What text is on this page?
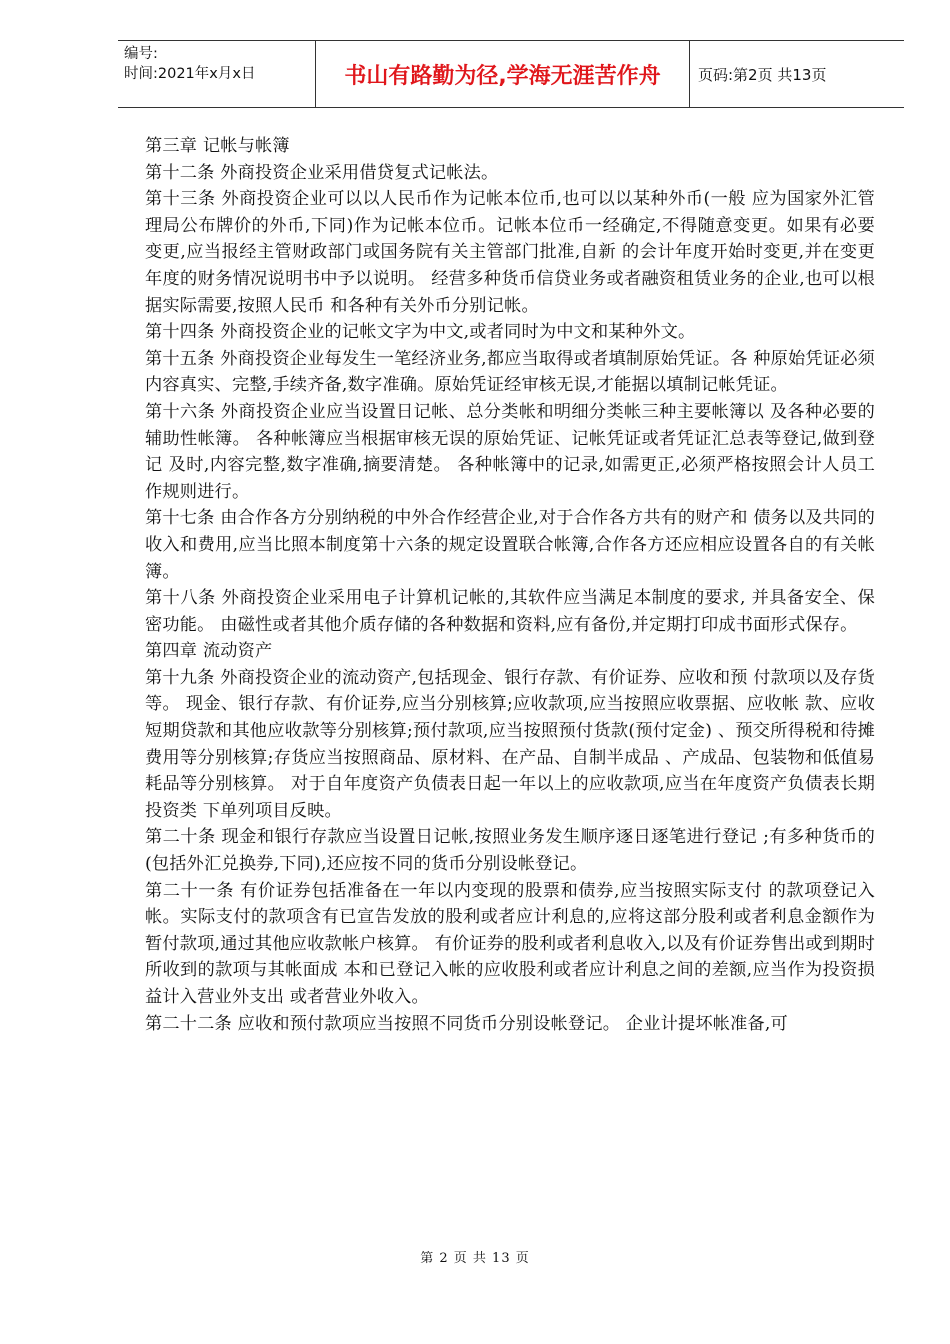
编号:
时间:2021年x月x日	书山有路勤为径,学海无涯苦作舟	页码:第2页 共13页

第三章 记帐与帐簿

第十二条 外商投资企业采用借贷复式记帐法。

第十三条 外商投资企业可以以人民币作为记帐本位币,也可以以某种外币(一般 应为国家外汇管理局公布牌价的外币,下同)作为记帐本位币。记帐本位币一经确定,不得随意变更。如果有必要变更,应当报经主管财政部门或国务院有关主管部门批准,自新 的会计年度开始时变更,并在变更年度的财务情况说明书中予以说明。 经营多种货币信贷业务或者融资租赁业务的企业,也可以根据实际需要,按照人民币 和各种有关外币分别记帐。

第十四条 外商投资企业的记帐文字为中文,或者同时为中文和某种外文。

第十五条 外商投资企业每发生一笔经济业务,都应当取得或者填制原始凭证。各 种原始凭证必须内容真实、完整,手续齐备,数字准确。原始凭证经审核无误,才能据以填制记帐凭证。

第十六条 外商投资企业应当设置日记帐、总分类帐和明细分类帐三种主要帐簿以 及各种必要的辅助性帐簿。 各种帐簿应当根据审核无误的原始凭证、记帐凭证或者凭证汇总表等登记,做到登记 及时,内容完整,数字准确,摘要清楚。 各种帐簿中的记录,如需更正,必须严格按照会计人员工作规则进行。

第十七条 由合作各方分别纳税的中外合作经营企业,对于合作各方共有的财产和 债务以及共同的收入和费用,应当比照本制度第十六条的规定设置联合帐簿,合作各方还应相应设置各自的有关帐簿。

第十八条 外商投资企业采用电子计算机记帐的,其软件应当满足本制度的要求, 并具备安全、保密功能。 由磁性或者其他介质存储的各种数据和资料,应有备份,并定期打印成书面形式保存。

第四章 流动资产

第十九条 外商投资企业的流动资产,包括现金、银行存款、有价证券、应收和预 付款项以及存货等。 现金、银行存款、有价证券,应当分别核算;应收款项,应当按照应收票据、应收帐 款、应收短期贷款和其他应收款等分别核算;预付款项,应当按照预付货款(预付定金) 、预交所得税和待摊费用等分别核算;存货应当按照商品、原材料、在产品、自制半成品 、产成品、包装物和低值易耗品等分别核算。 对于自年度资产负债表日起一年以上的应收款项,应当在年度资产负债表长期投资类 下单列项目反映。

第二十条 现金和银行存款应当设置日记帐,按照业务发生顺序逐日逐笔进行登记 ;有多种货币的(包括外汇兑换券,下同),还应按不同的货币分别设帐登记。

第二十一条 有价证券包括准备在一年以内变现的股票和债券,应当按照实际支付 的款项登记入帐。实际支付的款项含有已宣告发放的股利或者应计利息的,应将这部分股利或者利息金额作为暂付款项,通过其他应收款帐户核算。 有价证券的股利或者利息收入,以及有价证券售出或到期时所收到的款项与其帐面成 本和已登记入帐的应收股利或者应计利息之间的差额,应当作为投资损益计入营业外支出 或者营业外收入。

第二十二条 应收和预付款项应当按照不同货币分别设帐登记。 企业计提坏帐准备,可

第 2 页 共 13 页
